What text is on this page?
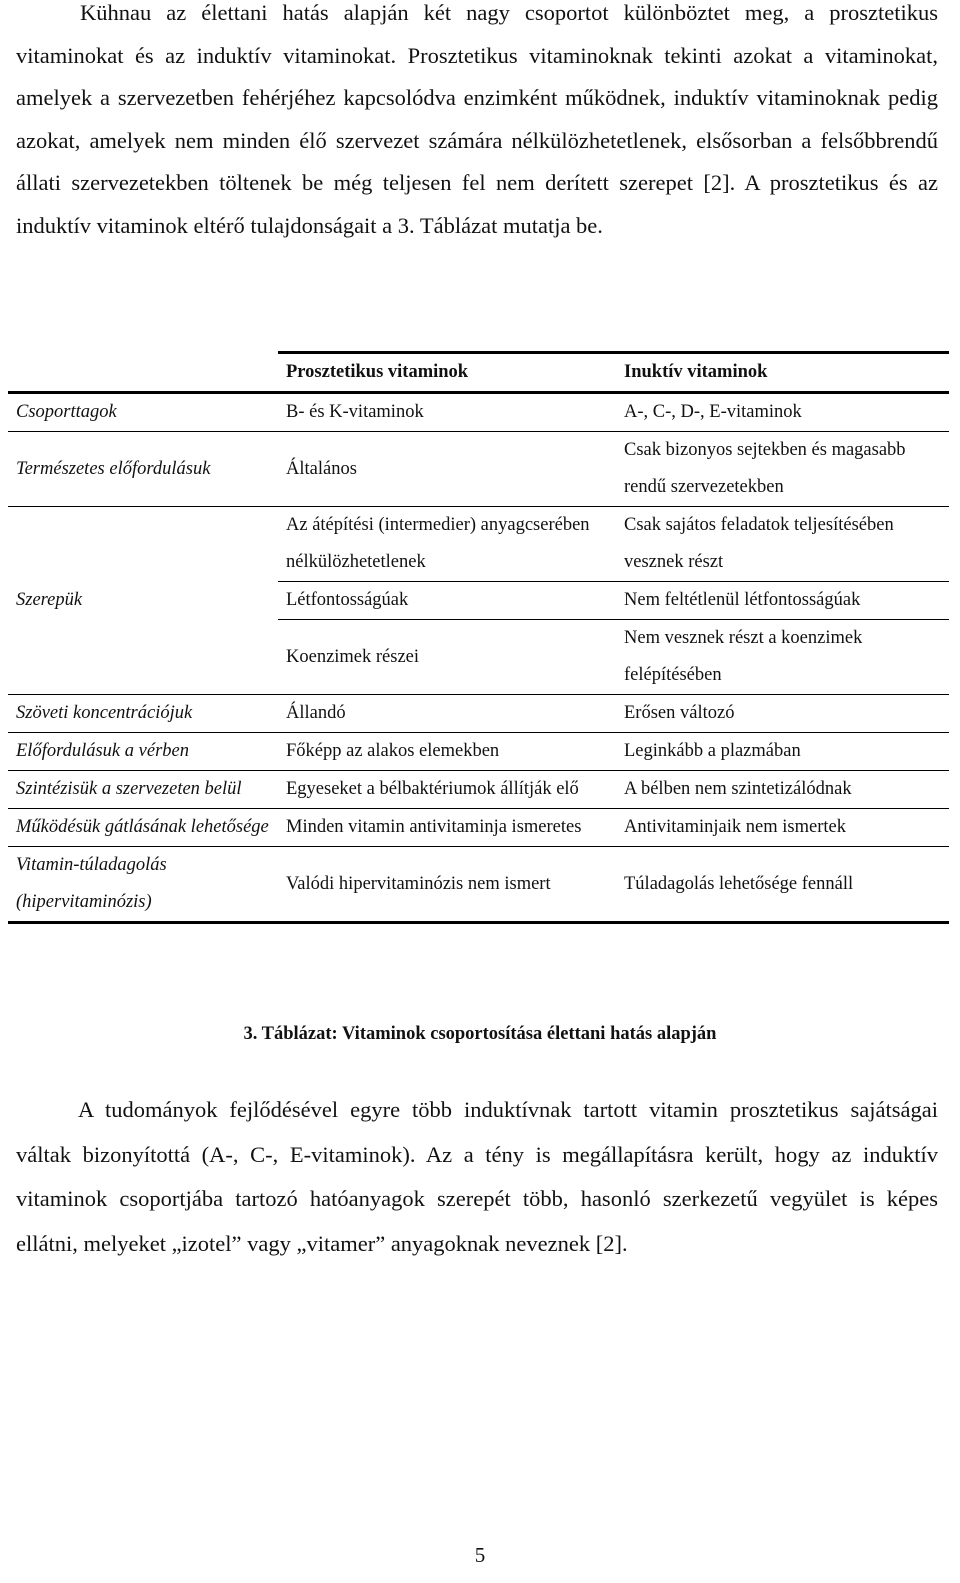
Kühnau az élettani hatás alapján két nagy csoportot különböztet meg, a prosztetikus vitaminokat és az induktív vitaminokat. Prosztetikus vitaminoknak tekinti azokat a vitaminokat, amelyek a szervezetben fehérjéhez kapcsolódva enzimként működnek, induktív vitaminoknak pedig azokat, amelyek nem minden élő szervezet számára nélkülözhetetlenek, elsősorban a felsőbbrendű állati szervezetekben töltenek be még teljesen fel nem derített szerepet [2]. A prosztetikus és az induktív vitaminok eltérő tulajdonságait a 3. Táblázat mutatja be.

	Prosztetikus vitaminok	Inuktív vitaminok
Csoporttagok	B- és K-vitaminok	A-, C-, D-, E-vitaminok
Természetes előfordulásuk	Általános	Csak bizonyos sejtekben és magasabb rendű szervezetekben
Szerepük	Az átépítési (intermedier) anyagcserében nélkülözhetetlenek	Csak sajátos feladatok teljesítésében vesznek részt
	Létfontosságúak	Nem feltétlenül létfontosságúak
	Koenzimek részei	Nem vesznek részt a koenzimek felépítésében
Szöveti koncentrációjuk	Állandó	Erősen változó
Előfordulásuk a vérben	Főképp az alakos elemekben	Leginkább a plazmában
Szintézisük a szervezeten belül	Egyeseket a bélbaktériumok állítják elő	A bélben nem szintetizálódnak
Működésük gátlásának lehetősége	Minden vitamin antivitaminja ismeretes	Antivitaminjaik nem ismertek
Vitamin-túladagolás (hipervitaminózis)	Valódi hipervitaminózis nem ismert	Túladagolás lehetősége fennáll
3. Táblázat: Vitaminok csoportosítása élettani hatás alapján

A tudományok fejlődésével egyre több induktívnak tartott vitamin prosztetikus sajátságai váltak bizonyítottá (A-, C-, E-vitaminok). Az a tény is megállapításra került, hogy az induktív vitaminok csoportjába tartozó hatóanyagok szerepét több, hasonló szerkezetű vegyület is képes ellátni, melyeket „izotel” vagy „vitamer” anyagoknak neveznek [2].

5
